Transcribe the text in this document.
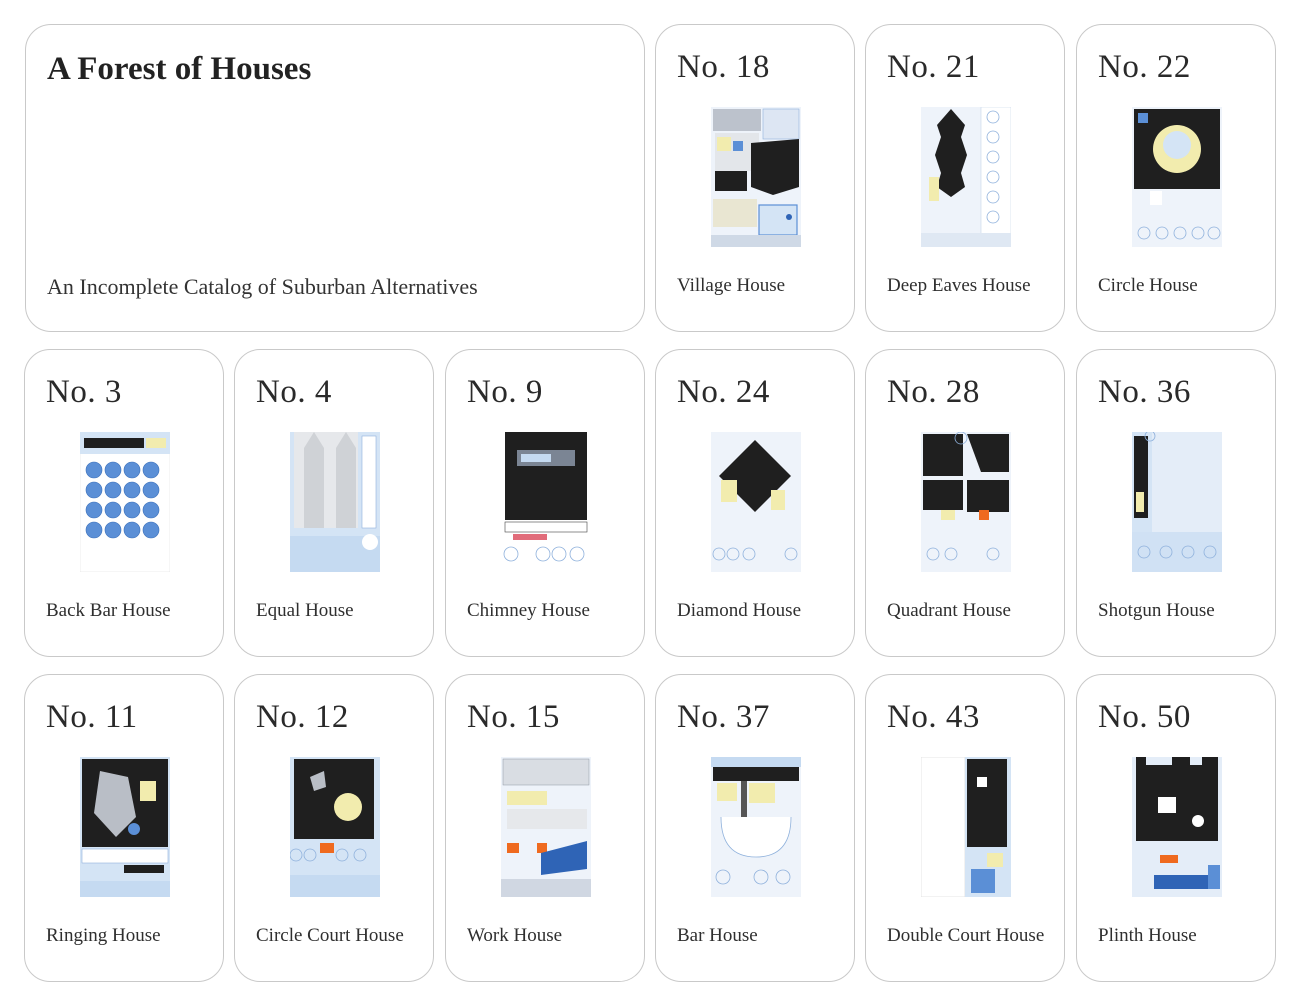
A Forest of Houses

An Incomplete Catalog of Suburban Alternatives

No. 18
Village House
No. 21
Deep Eaves House
No. 22
Circle House
No. 3
Back Bar House
No. 4
Equal House
No. 9
Chimney House
No. 24
Diamond House
No. 28
Quadrant House
No. 36
Shotgun House
No. 11
Ringing House
No. 12
Circle Court House
No. 15
Work House
No. 37
Bar House
No. 43
Double Court House
No. 50
Plinth House
